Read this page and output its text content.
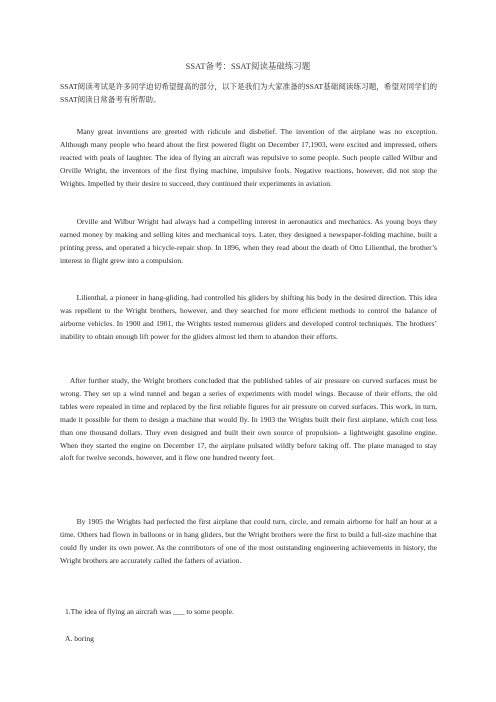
SSAT备考：SSAT阅读基础练习题

SSAT阅读考试是许多同学迫切希望提高的部分，以下是我们为大家准备的SSAT基础阅读练习题，希望对同学们的SSAT阅读日常备考有所帮助。

Many great inventions are greeted with ridicule and disbelief. The invention of the airplane was no exception. Although many people who heard about the first powered flight on December 17,1903, were excited and impressed, others reacted with peals of laughter. The idea of flying an aircraft was repulsive to some people. Such people called Wilbur and Orville Wright, the inventors of the first flying machine, impulsive fools. Negative reactions, however, did not stop the Wrights. Impelled by their desire to succeed, they continued their experiments in aviation.

Orville and Wilbur Wright had always had a compelling interest in aeronautics and mechanics. As young boys they earned money by making and selling kites and mechanical toys. Later, they designed a newspaper-folding machine, built a printing press, and operated a bicycle-repair shop. In 1896, when they read about the death of Otto Lilienthal, the brother’s interest in flight grew into a compulsion.

Lilienthal, a pioneer in hang-gliding, had controlled his gliders by shifting his body in the desired direction. This idea was repellent to the Wright brothers, however, and they searched for more efficient methods to control the balance of airborne vehicles. In 1900 and 1901, the Wrights tested numerous gliders and developed control techniques. The brothers’ inability to obtain enough lift power for the gliders almost led them to abandon their efforts.

After further study, the Wright brothers concluded that the published tables of air pressure on curved surfaces must be wrong. They set up a wind tunnel and began a series of experiments with model wings. Because of their efforts, the old tables were repealed in time and replaced by the first reliable figures for air pressure on curved surfaces. This work, in turn, made it possible for them to design a machine that would fly. In 1903 the Wrights built their first airplane, which cost less than one thousand dollars. They even designed and built their own source of propulsion- a lightweight gasoline engine. When they started the engine on December 17, the airplane pulsated wildly before taking off. The plane managed to stay aloft for twelve seconds, however, and it flew one hundred twenty feet.

By 1905 the Wrights had perfected the first airplane that could turn, circle, and remain airborne for half an hour at a time. Others had flown in balloons or in hang gliders, but the Wright brothers were the first to build a full-size machine that could fly under its own power. As the contributors of one of the most outstanding engineering achievements in history, the Wright brothers are accurately called the fathers of aviation.

1.The idea of flying an aircraft was ___ to some people.

A. boring
